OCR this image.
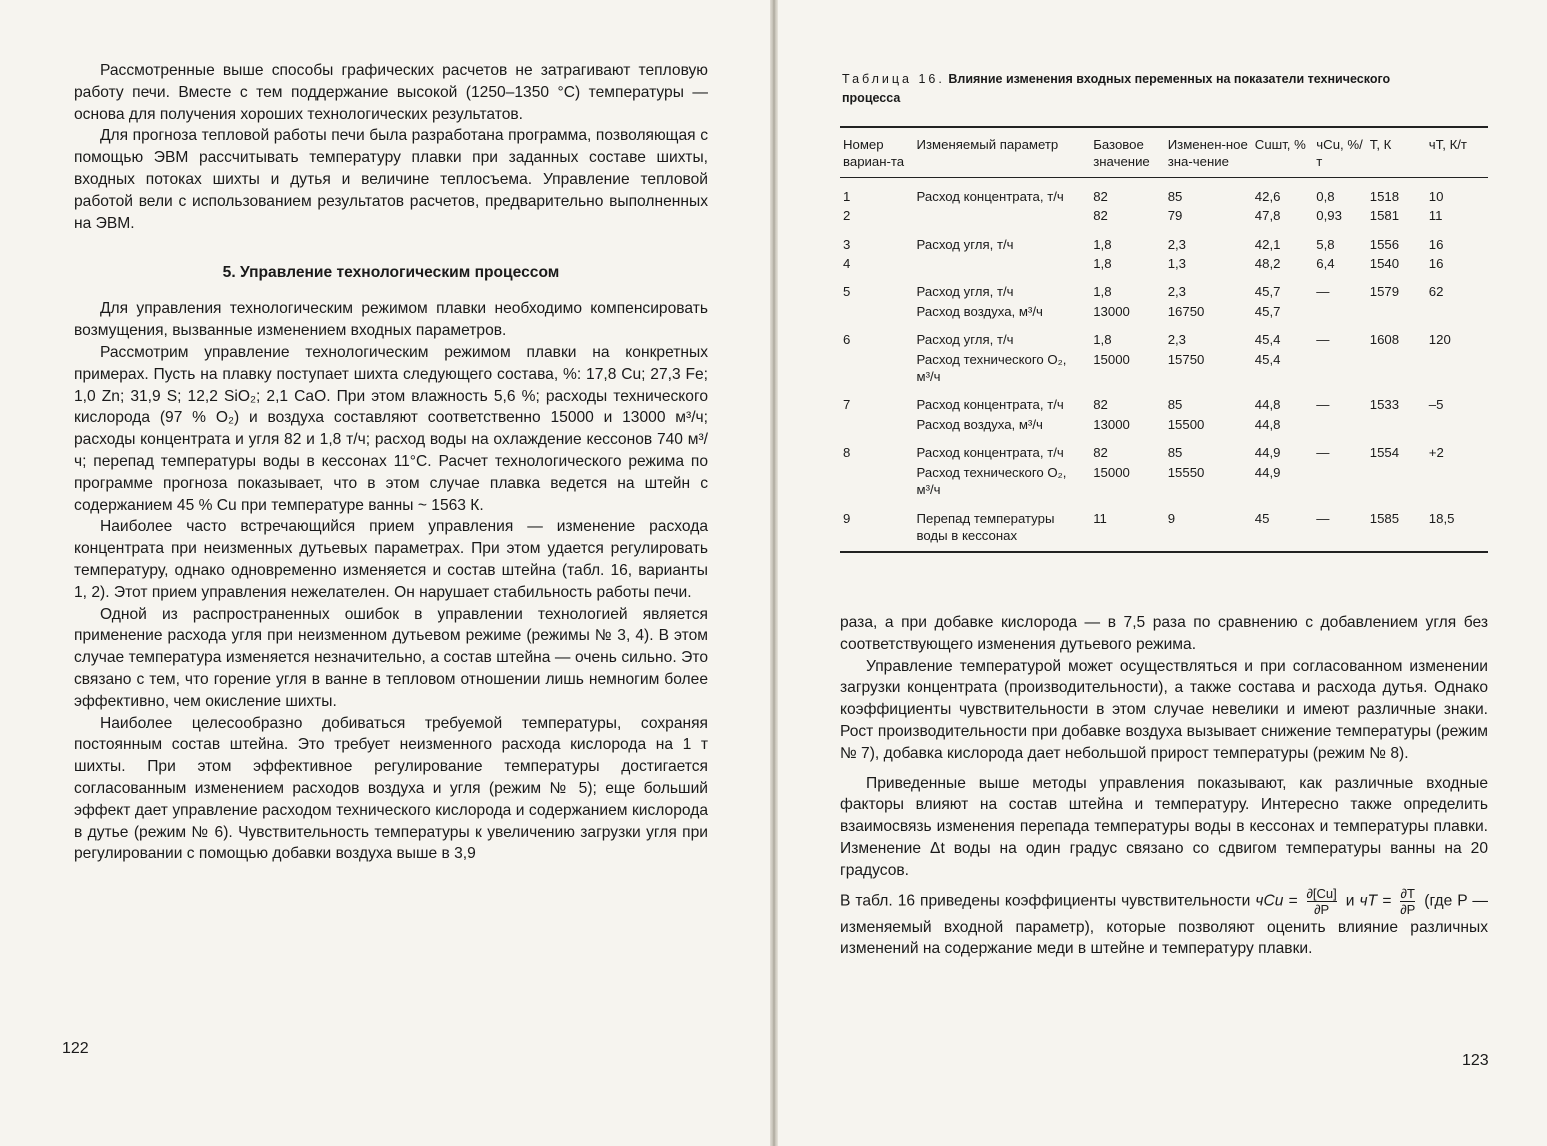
Рассмотренные выше способы графических расчетов не затрагивают тепловую работу печи. Вместе с тем поддержание высокой (1250–1350 °С) температуры — основа для получения хороших технологических результатов.

Для прогноза тепловой работы печи была разработана программа, позволяющая с помощью ЭВМ рассчитывать температуру плавки при заданных составе шихты, входных потоках шихты и дутья и величине теплосъема. Управление тепловой работой вели с использованием результатов расчетов, предварительно выполненных на ЭВМ.

5. Управление технологическим процессом

Для управления технологическим режимом плавки необходимо компенсировать возмущения, вызванные изменением входных параметров.

Рассмотрим управление технологическим режимом плавки на конкретных примерах. Пусть на плавку поступает шихта следующего состава, %: 17,8 Cu; 27,3 Fe; 1,0 Zn; 31,9 S; 12,2 SiO₂; 2,1 CaO. При этом влажность 5,6 %; расходы технического кислорода (97 % O₂) и воздуха составляют соответственно 15000 и 13000 м³/ч; расходы концентрата и угля 82 и 1,8 т/ч; расход воды на охлаждение кессонов 740 м³/ч; перепад температуры воды в кессонах 11°С. Расчет технологического режима по программе прогноза показывает, что в этом случае плавка ведется на штейн с содержанием 45 % Cu при температуре ванны ~ 1563 К.

Наиболее часто встречающийся прием управления — изменение расхода концентрата при неизменных дутьевых параметрах. При этом удается регулировать температуру, однако одновременно изменяется и состав штейна (табл. 16, варианты 1, 2). Этот прием управления нежелателен. Он нарушает стабильность работы печи.

Одной из распространенных ошибок в управлении технологией является применение расхода угля при неизменном дутьевом режиме (режимы № 3, 4). В этом случае температура изменяется незначительно, а состав штейна — очень сильно. Это связано с тем, что горение угля в ванне в тепловом отношении лишь немногим более эффективно, чем окисление шихты.

Наиболее целесообразно добиваться требуемой температуры, сохраняя постоянным состав штейна. Это требует неизменного расхода кислорода на 1 т шихты. При этом эффективное регулирование температуры достигается согласованным изменением расходов воздуха и угля (режим № 5); еще больший эффект дает управление расходом технического кислорода и содержанием кислорода в дутье (режим № 6). Чувствительность температуры к увеличению загрузки угля при регулировании с помощью добавки воздуха выше в 3,9

122
Таблица 16. Влияние изменения входных переменных на показатели технического процесса
Номер вариан-та	Изменяемый параметр	Базовое значение	Изменен-ное зна-чение	Cuшт, %	чCu, %/т	T, К	чT, К/т

1	Расход концентрата, т/ч	82	85	42,6	0,8	1518	10
2		82	79	47,8	0,93	1581	11
3	Расход угля, т/ч	1,8	2,3	42,1	5,8	1556	16
4		1,8	1,3	48,2	6,4	1540	16
5	Расход угля, т/ч	1,8	2,3	45,7	—	1579	62
	Расход воздуха, м³/ч	13000	16750	45,7			
6	Расход угля, т/ч	1,8	2,3	45,4	—	1608	120
	Расход технического O₂, м³/ч	15000	15750	45,4			
7	Расход концентрата, т/ч	82	85	44,8	—	1533	–5
	Расход воздуха, м³/ч	13000	15500	44,8			
8	Расход концентрата, т/ч	82	85	44,9	—	1554	+2
	Расход технического O₂, м³/ч	15000	15550	44,9			
9	Перепад температуры воды в кессонах	11	9	45	—	1585	18,5

раза, а при добавке кислорода — в 7,5 раза по сравнению с добавлением угля без соответствующего изменения дутьевого режима.

Управление температурой может осуществляться и при согласованном изменении загрузки концентрата (производительности), а также состава и расхода дутья. Однако коэффициенты чувствительности в этом случае невелики и имеют различные знаки. Рост производительности при добавке воздуха вызывает снижение температуры (режим № 7), добавка кислорода дает небольшой прирост температуры (режим № 8).

Приведенные выше методы управления показывают, как различные входные факторы влияют на состав штейна и температуру. Интересно также определить взаимосвязь изменения перепада температуры воды в кессонах и температуры плавки. Изменение Δt воды на один градус связано со сдвигом температуры ванны на 20 градусов.

В табл. 16 приведены коэффициенты чувствительности чCu = $\frac{\partial[Cu]}{\partial P}$ и чT = $\frac{\partial T}{\partial P} (где$ P — изменяемый входной параметр), которые позволяют оценить влияние различных изменений на содержание меди в штейне и температуру плавки.

123
